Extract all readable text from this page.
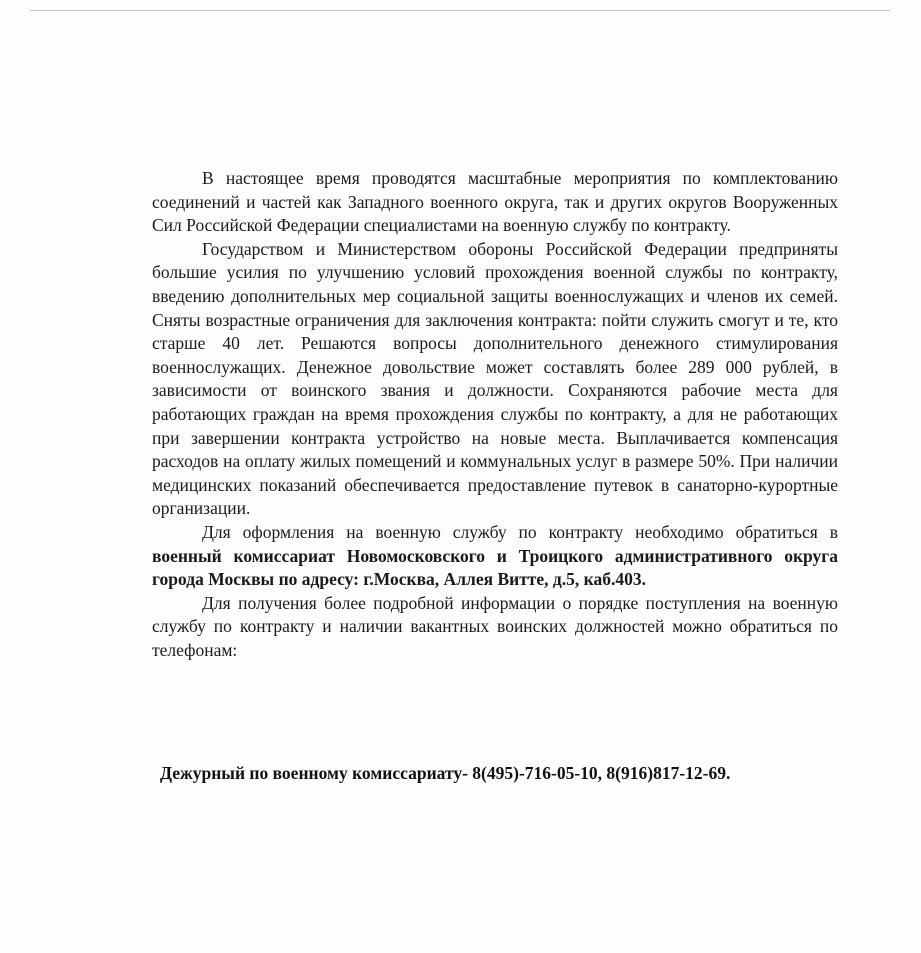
В настоящее время проводятся масштабные мероприятия по комплектованию соединений и частей как Западного военного округа, так и других округов Вооруженных Сил Российской Федерации специалистами на военную службу по контракту.

Государством и Министерством обороны Российской Федерации предприняты большие усилия по улучшению условий прохождения военной службы по контракту, введению дополнительных мер социальной защиты военнослужащих и членов их семей. Сняты возрастные ограничения для заключения контракта: пойти служить смогут и те, кто старше 40 лет. Решаются вопросы дополнительного денежного стимулирования военнослужащих. Денежное довольствие может составлять более 289 000 рублей, в зависимости от воинского звания и должности. Сохраняются рабочие места для работающих граждан на время прохождения службы по контракту, а для не работающих при завершении контракта устройство на новые места. Выплачивается компенсация расходов на оплату жилых помещений и коммунальных услуг в размере 50%. При наличии медицинских показаний обеспечивается предоставление путевок в санаторно-курортные организации.

Для оформления на военную службу по контракту необходимо обратиться в военный комиссариат Новомосковского и Троицкого административного округа города Москвы по адресу: г.Москва, Аллея Витте, д.5, каб.403.

Для получения более подробной информации о порядке поступления на военную службу по контракту и наличии вакантных воинских должностей можно обратиться по телефонам:

Дежурный по военному комиссариату- 8(495)-716-05-10, 8(916)817-12-69.
